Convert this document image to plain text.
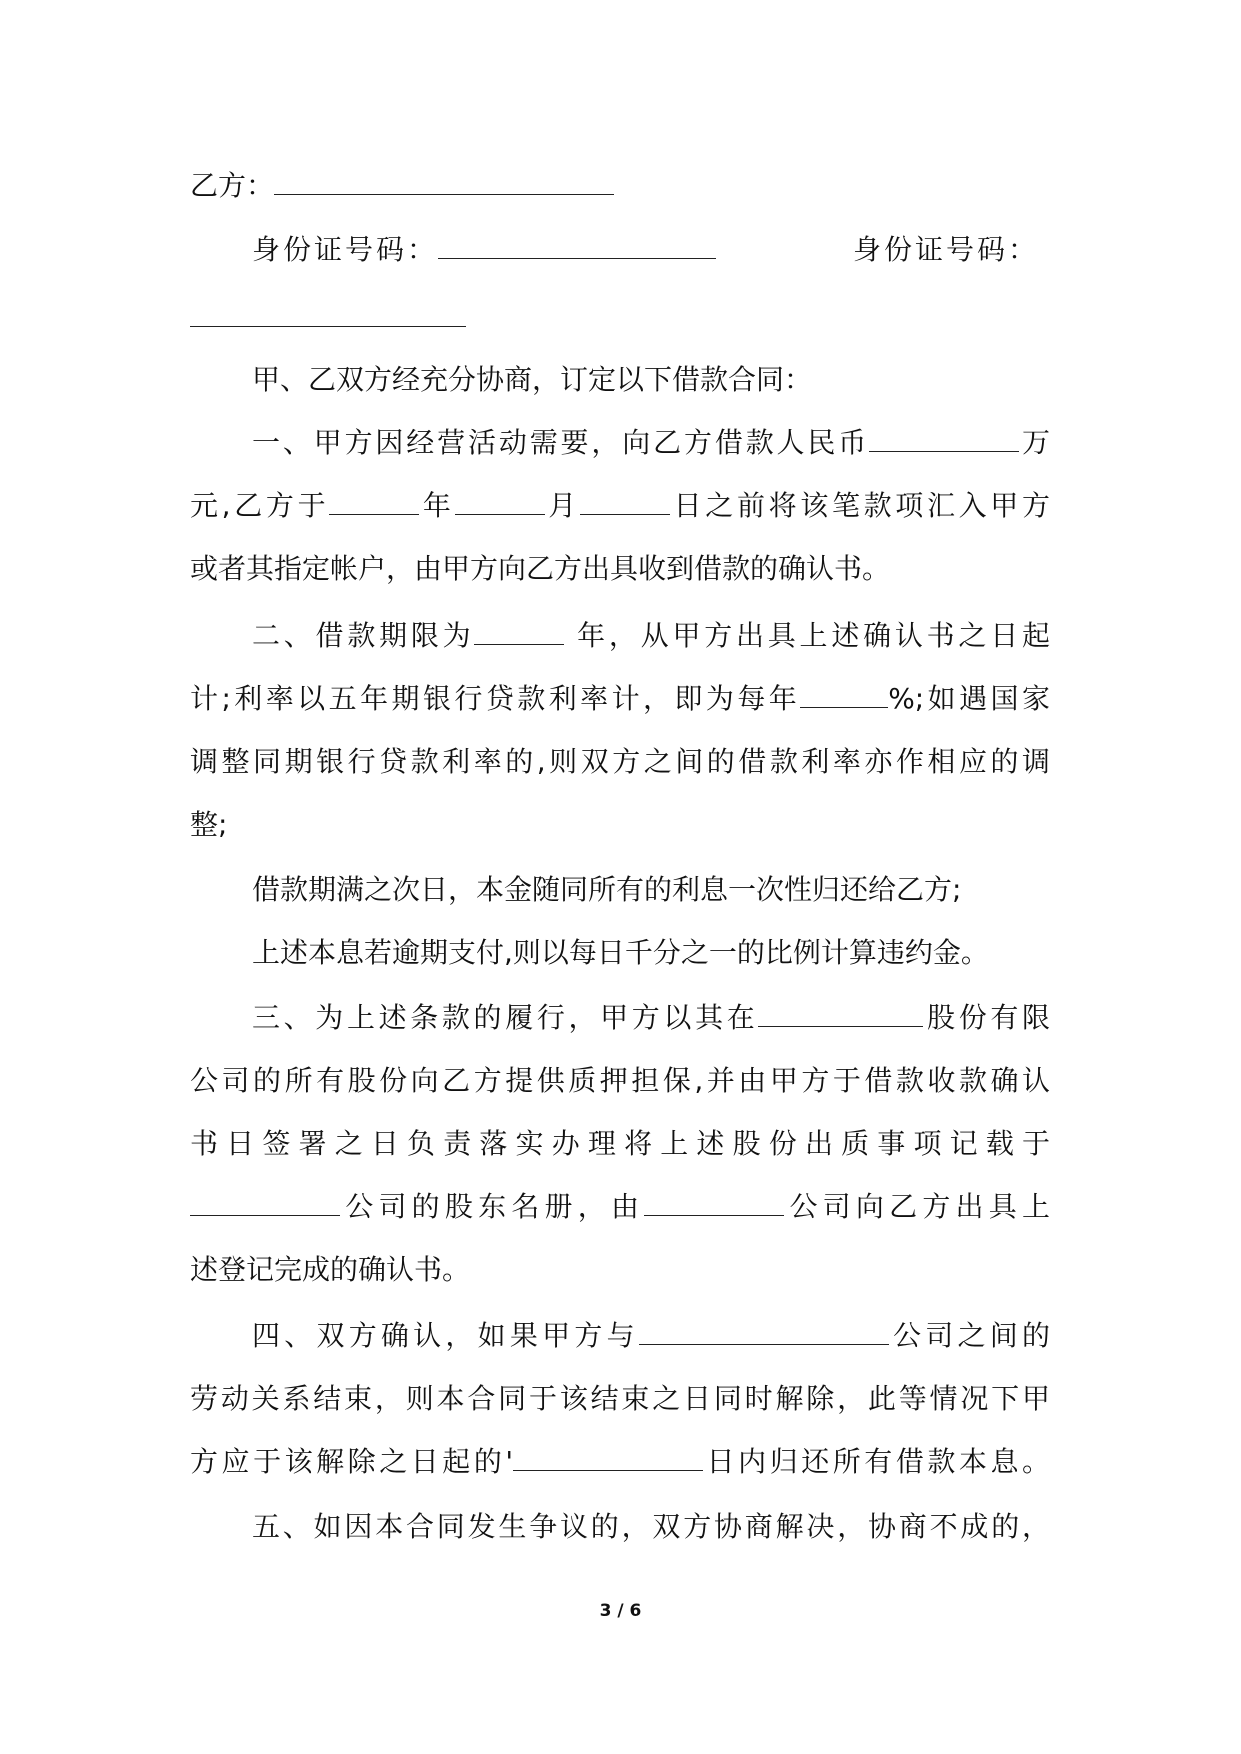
乙方：
身份证号码：	身份证号码：
甲、乙双方经充分协商，订定以下借款合同：
一、甲方因经营活动需要，向乙方借款人民币	万
元,乙方于	年	月	日之前将该笔款项汇入甲方
或者其指定帐户，由甲方向乙方出具收到借款的确认书。
二、借款期限为	年，从甲方出具上述确认书之日起
计;利率以五年期银行贷款利率计，即为每年	%;如遇国家
调整同期银行贷款利率的,则双方之间的借款利率亦作相应的调
整;
借款期满之次日，本金随同所有的利息一次性归还给乙方;
上述本息若逾期支付,则以每日千分之一的比例计算违约金。
三、为上述条款的履行，甲方以其在	股份有限
公司的所有股份向乙方提供质押担保,并由甲方于借款收款确认
书日签署之日负责落实办理将上述股份出质事项记载于
公司的股东名册，由	公司向乙方出具上
述登记完成的确认书。
四、双方确认，如果甲方与	公司之间的
劳动关系结束，则本合同于该结束之日同时解除，此等情况下甲
方应于该解除之日起的'	日内归还所有借款本息。
五、如因本合同发生争议的，双方协商解决，协商不成的，
3 / 6
